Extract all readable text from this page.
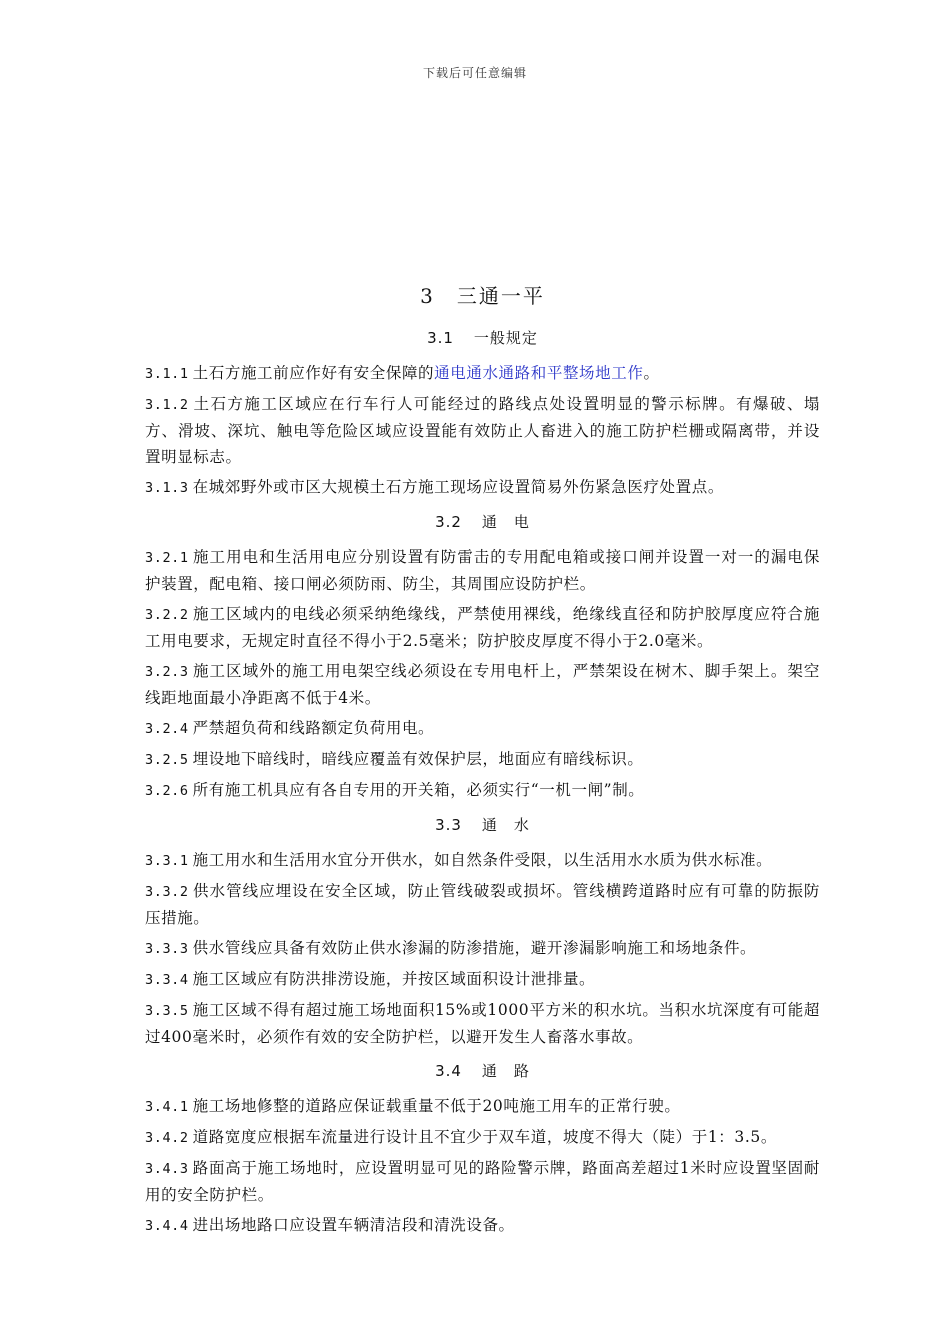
下载后可任意编辑
3 三通一平
3.1 一般规定

3.1.1 土石方施工前应作好有安全保障的通电通水通路和平整场地工作。

3.1.2 土石方施工区域应在行车行人可能经过的路线点处设置明显的警示标牌。有爆破、塌方、滑坡、深坑、触电等危险区域应设置能有效防止人畜进入的施工防护栏栅或隔离带，并设置明显标志。

3.1.3 在城郊野外或市区大规模土石方施工现场应设置简易外伤紧急医疗处置点。

3.2 通　电

3.2.1 施工用电和生活用电应分别设置有防雷击的专用配电箱或接口闸并设置一对一的漏电保护装置，配电箱、接口闸必须防雨、防尘，其周围应设防护栏。

3.2.2 施工区域内的电线必须采纳绝缘线，严禁使用裸线，绝缘线直径和防护胶厚度应符合施工用电要求，无规定时直径不得小于2.5毫米；防护胶皮厚度不得小于2.0毫米。

3.2.3 施工区域外的施工用电架空线必须设在专用电杆上，严禁架设在树木、脚手架上。架空线距地面最小净距离不低于4米。

3.2.4 严禁超负荷和线路额定负荷用电。

3.2.5 埋设地下暗线时，暗线应覆盖有效保护层，地面应有暗线标识。

3.2.6 所有施工机具应有各自专用的开关箱，必须实行“一机一闸”制。

3.3 通　水

3.3.1 施工用水和生活用水宜分开供水，如自然条件受限，以生活用水水质为供水标准。

3.3.2 供水管线应埋设在安全区域，防止管线破裂或损坏。管线横跨道路时应有可靠的防振防压措施。

3.3.3 供水管线应具备有效防止供水渗漏的防渗措施，避开渗漏影响施工和场地条件。

3.3.4 施工区域应有防洪排涝设施，并按区域面积设计泄排量。

3.3.5 施工区域不得有超过施工场地面积15%或1000平方米的积水坑。当积水坑深度有可能超过400毫米时，必须作有效的安全防护栏，以避开发生人畜落水事故。

3.4 通　路

3.4.1 施工场地修整的道路应保证载重量不低于20吨施工用车的正常行驶。

3.4.2 道路宽度应根据车流量进行设计且不宜少于双车道，坡度不得大（陡）于1：3.5。

3.4.3 路面高于施工场地时，应设置明显可见的路险警示牌，路面高差超过1米时应设置坚固耐用的安全防护栏。

3.4.4 进出场地路口应设置车辆清洁段和清洗设备。
